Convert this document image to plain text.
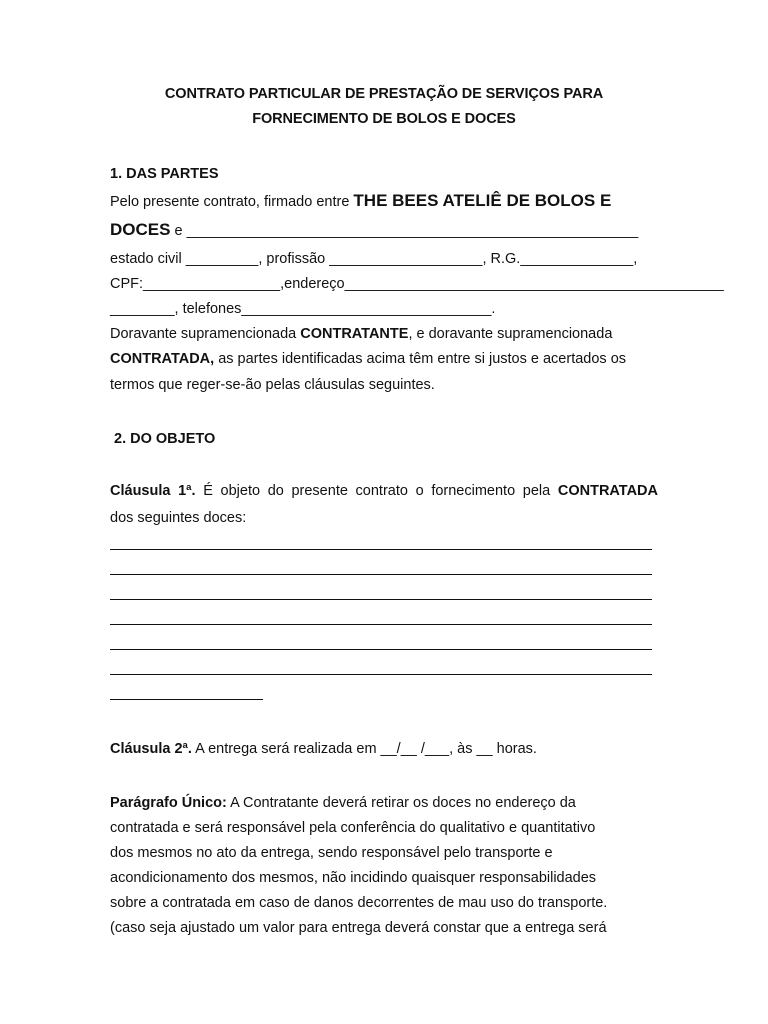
CONTRATO PARTICULAR DE PRESTAÇÃO DE SERVIÇOS PARA
FORNECIMENTO DE BOLOS E DOCES
1. DAS PARTES
Pelo presente contrato, firmado entre THE BEES ATELIÊ DE BOLOS E
DOCES e ________________________________________________________
estado civil _________, profissão ___________________, R.G.______________,
CPF:_________________,endereço_______________________________________________
________, telefones_______________________________.
Doravante supramencionada CONTRATANTE, e doravante supramencionada
CONTRATADA, as partes identificadas acima têm entre si justos e acertados os
termos que reger-se-ão pelas cláusulas seguintes.
2. DO OBJETO
Cláusula 1ª. É objeto do presente contrato o fornecimento pela CONTRATADA
dos seguintes doces:
Cláusula 2ª. A entrega será realizada em __/__ /___, às __ horas.
Parágrafo Único: A Contratante deverá retirar os doces no endereço da
contratada e será responsável pela conferência do qualitativo e quantitativo
dos mesmos no ato da entrega, sendo responsável pelo transporte e
acondicionamento dos mesmos, não incidindo quaisquer responsabilidades
sobre a contratada em caso de danos decorrentes de mau uso do transporte.
(caso seja ajustado um valor para entrega deverá constar que a entrega será
